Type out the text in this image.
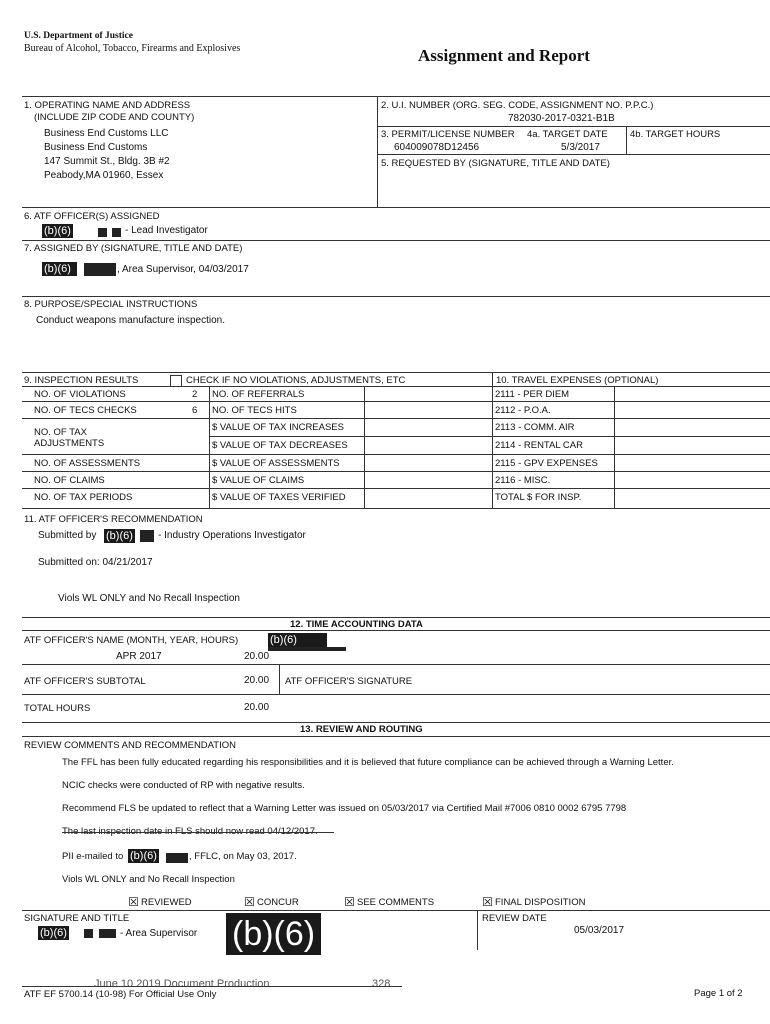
U.S. Department of Justice
Bureau of Alcohol, Tobacco, Firearms and Explosives	Assignment and Report
1. OPERATING NAME AND ADDRESS
(INCLUDE ZIP CODE AND COUNTY)
Business End Customs LLC
Business End Customs
147 Summit St., Bldg. 3B #2
Peabody,MA 01960, Essex
2. U.I. NUMBER (ORG. SEG. CODE, ASSIGNMENT NO. P.P.C.)
782030-2017-0321-B1B
3. PERMIT/LICENSE NUMBER 4a. TARGET DATE 4b. TARGET HOURS
604009078D12456	5/3/2017
5. REQUESTED BY (SIGNATURE, TITLE AND DATE)
6. ATF OFFICER(S) ASSIGNED
(b)(6)	- Lead Investigator
7. ASSIGNED BY (SIGNATURE, TITLE AND DATE)
(b)(6)	, Area Supervisor, 04/03/2017
8. PURPOSE/SPECIAL INSTRUCTIONS
Conduct weapons manufacture inspection.
9. INSPECTION RESULTS	CHECK IF NO VIOLATIONS, ADJUSTMENTS, ETC	10. TRAVEL EXPENSES (OPTIONAL)
NO. OF VIOLATIONS	2 NO. OF REFERRALS	2111 - PER DIEM
NO. OF TECS CHECKS	6 NO. OF TECS HITS	2112 - P.O.A.
NO. OF TAX
ADJUSTMENTS
$ VALUE OF TAX INCREASES	2113 - COMM. AIR
$ VALUE OF TAX DECREASES	2114 - RENTAL CAR
NO. OF ASSESSMENTS	$ VALUE OF ASSESSMENTS	2115 - GPV EXPENSES
NO. OF CLAIMS	$ VALUE OF CLAIMS	2116 - MISC.
NO. OF TAX PERIODS	$ VALUE OF TAXES VERIFIED	TOTAL $ FOR INSP.
11. ATF OFFICER'S RECOMMENDATION
Submitted by (b)(6)	- Industry Operations Investigator
Submitted on: 04/21/2017
Viols WL ONLY and No Recall Inspection
12. TIME ACCOUNTING DATA
ATF OFFICER'S NAME (MONTH, YEAR, HOURS)	(b)(6)
APR 2017	20.00
ATF OFFICER'S SUBTOTAL	20.00 ATF OFFICER'S SIGNATURE
TOTAL HOURS	20.00
13. REVIEW AND ROUTING
REVIEW COMMENTS AND RECOMMENDATION
The FFL has been fully educated regarding his responsibilities and it is believed that future compliance can be achieved through a Warning Letter.
NCIC checks were conducted of RP with negative results.
Recommend FLS be updated to reflect that a Warning Letter was issued on 05/03/2017 via Certified Mail #7006 0810 0002 6795 7798
The last inspection date in FLS should now read 04/12/2017.
PII e-mailed to (b)(6)	, FFLC, on May 03, 2017.
Viols WL ONLY and No Recall Inspection
☒ REVIEWED	☒ CONCUR	☒ SEE COMMENTS	☒ FINAL DISPOSITION
SIGNATURE AND TITLE
(b)(6)	- Area Supervisor (b)(6)	REVIEW DATE
05/03/2017
ATF EF 5700.14 (10-98) For Official Use Only
June 10 2019 Document Production	328
Page 1 of 2
